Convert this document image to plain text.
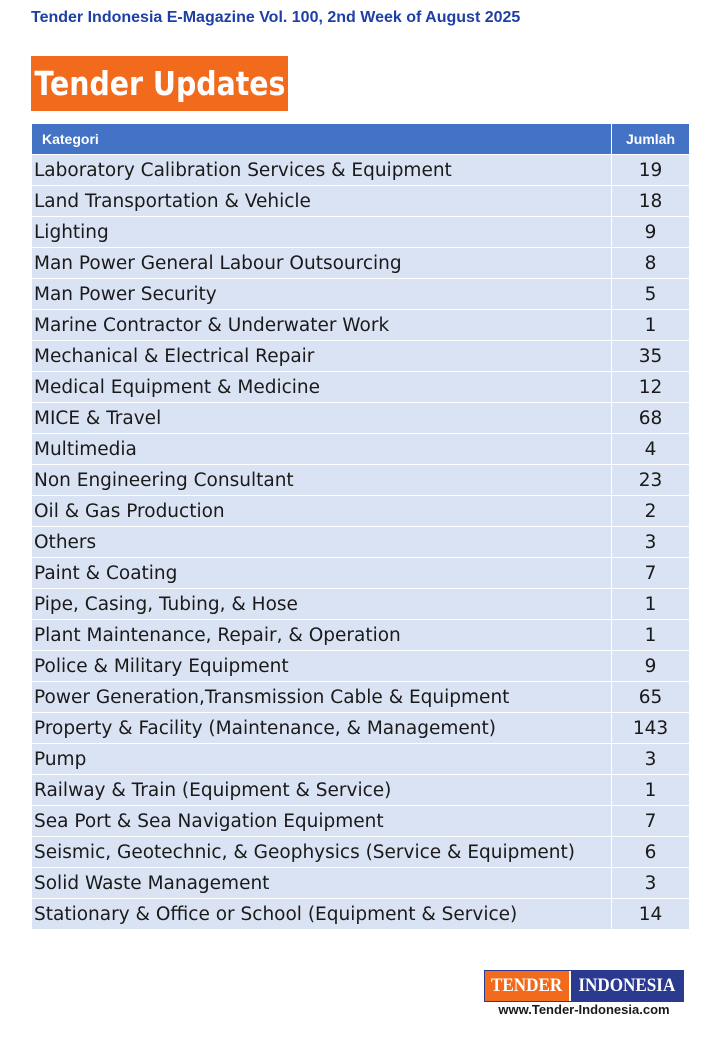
Tender Indonesia E-Magazine Vol. 100, 2nd Week of August 2025
Tender Updates
Kategori	Jumlah
Laboratory Calibration Services & Equipment	19
Land Transportation & Vehicle	18
Lighting	9
Man Power General Labour Outsourcing	8
Man Power Security	5
Marine Contractor & Underwater Work	1
Mechanical & Electrical Repair	35
Medical Equipment & Medicine	12
MICE & Travel	68
Multimedia	4
Non Engineering Consultant	23
Oil & Gas Production	2
Others	3
Paint & Coating	7
Pipe, Casing, Tubing, & Hose	1
Plant Maintenance, Repair, & Operation	1
Police & Military Equipment	9
Power Generation,Transmission Cable & Equipment	65
Property & Facility (Maintenance, & Management)	143
Pump	3
Railway & Train (Equipment & Service)	1
Sea Port & Sea Navigation Equipment	7
Seismic, Geotechnic, & Geophysics (Service & Equipment)	6
Solid Waste Management	3
Stationary & Office or School (Equipment & Service)	14
TENDER INDONESIA
www.Tender-Indonesia.com
